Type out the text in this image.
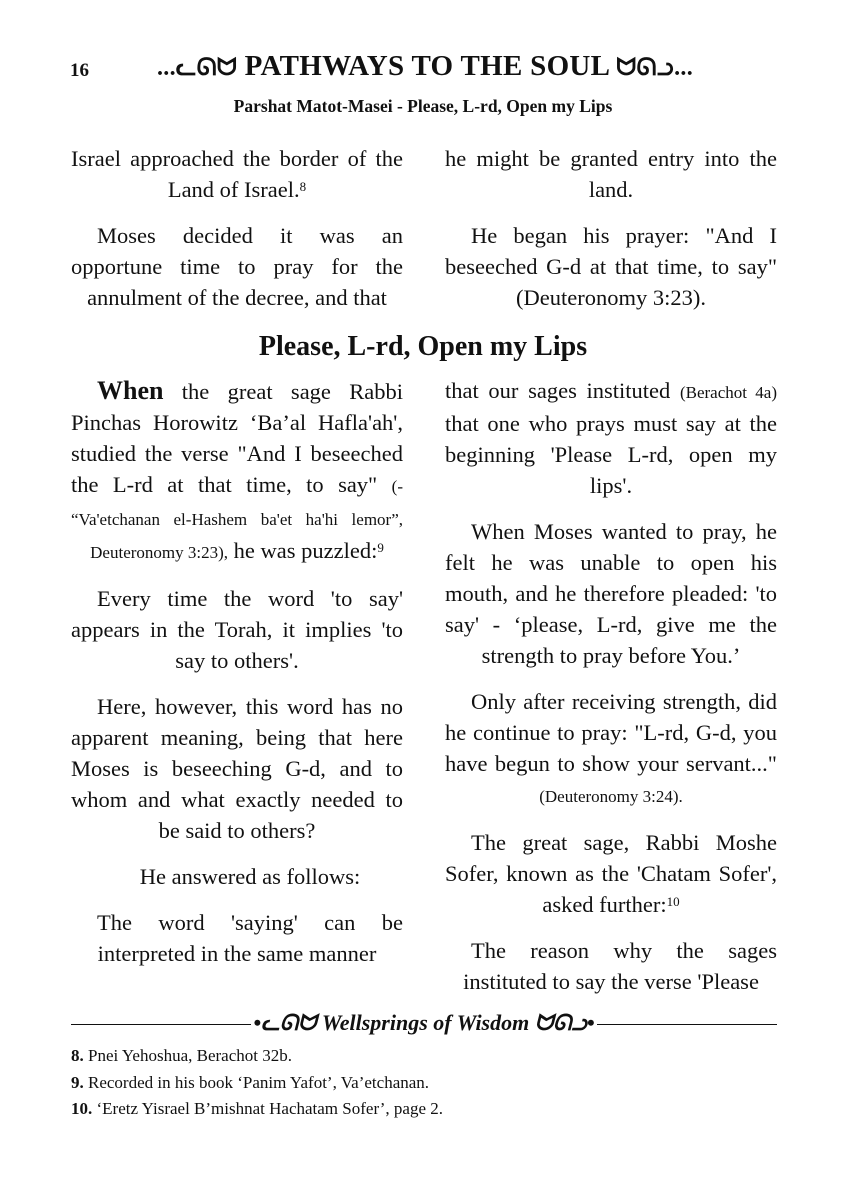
16	...ᓚᘏᗢ PATHWAYS TO THE SOUL ᗢᘏᓗ...
Parshat Matot-Masei - Please, L-rd, Open my Lips

Israel approached the border of the Land of Israel.$^8$

Moses decided it was an opportune time to pray for the annulment of the decree, and that

he might be granted entry into the land.

He began his prayer: "And I beseeched G-d at that time, to say" (Deuteronomy 3:23).

Please, L-rd, Open my Lips

When the great sage Rabbi Pinchas Horowitz ‘Ba’al Hafla'ah', studied the verse "And I beseeched the L-rd at that time, to say" (- “Va'etchanan el-Hashem ba'et ha'hi lemor”, Deuteronomy 3:23), he was puzzled:$^9$

Every time the word 'to say' appears in the Torah, it implies 'to say to others'.

Here, however, this word has no apparent meaning, being that here Moses is beseeching G-d, and to whom and what exactly needed to be said to others?

He answered as follows:

The word 'saying' can be interpreted in the same manner

that our sages instituted (Berachot 4a) that one who prays must say at the beginning 'Please L-rd, open my lips'.

When Moses wanted to pray, he felt he was unable to open his mouth, and he therefore pleaded: 'to say' - ‘please, L-rd, give me the strength to pray before You.’

Only after receiving strength, did he continue to pray: "L-rd, G-d, you have begun to show your servant..." (Deuteronomy 3:24).

The great sage, Rabbi Moshe Sofer, known as the 'Chatam Sofer', asked further:$^{10}$

The reason why the sages instituted to say the verse 'Please

•ᓚᘏᗢ Wellsprings of Wisdom ᗢᘏᓗ•
8. Pnei Yehoshua, Berachot 32b.
9. Recorded in his book ‘Panim Yafot’, Va’etchanan.
10. ‘Eretz Yisrael B’mishnat Hachatam Sofer’, page 2.
